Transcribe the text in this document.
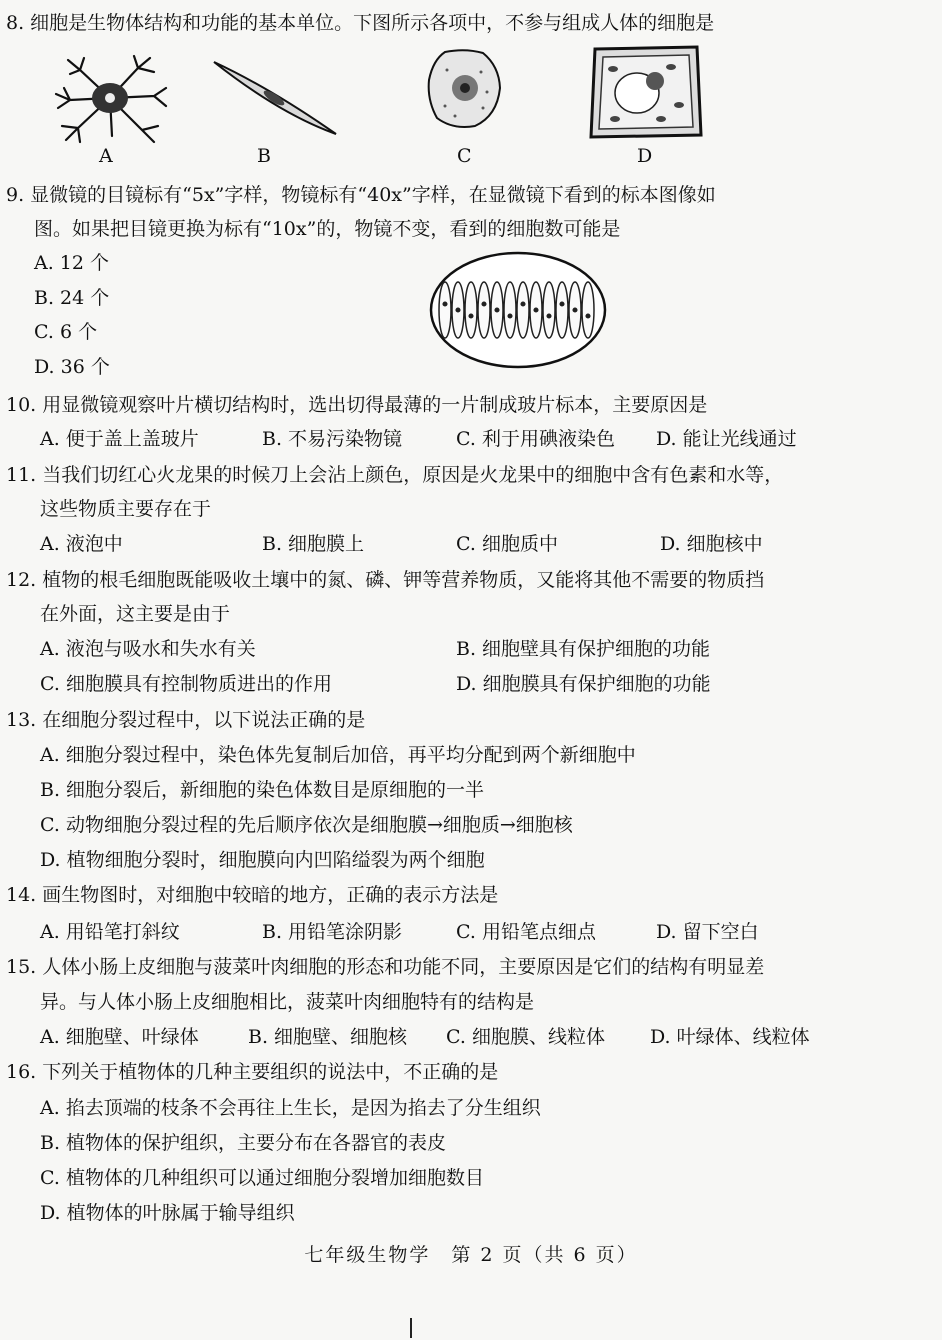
8. 细胞是生物体结构和功能的基本单位。下图所示各项中，不参与组成人体的细胞是
A	B	C	D
9. 显微镜的目镜标有“5x”字样，物镜标有“40x”字样，在显微镜下看到的标本图像如
图。如果把目镜更换为标有“10x”的，物镜不变，看到的细胞数可能是
A. 12 个
B. 24 个
C. 6 个
D. 36 个
10. 用显微镜观察叶片横切结构时，选出切得最薄的一片制成玻片标本，主要原因是
A. 便于盖上盖玻片	B. 不易污染物镜	C. 利于用碘液染色 D. 能让光线通过
11. 当我们切红心火龙果的时候刀上会沾上颜色，原因是火龙果中的细胞中含有色素和水等，
这些物质主要存在于
A. 液泡中	B. 细胞膜上	C. 细胞质中	D. 细胞核中
12. 植物的根毛细胞既能吸收土壤中的氮、磷、钾等营养物质，又能将其他不需要的物质挡
在外面，这主要是由于
A. 液泡与吸水和失水有关	B. 细胞壁具有保护细胞的功能
C. 细胞膜具有控制物质进出的作用	D. 细胞膜具有保护细胞的功能
13. 在细胞分裂过程中，以下说法正确的是
A. 细胞分裂过程中，染色体先复制后加倍，再平均分配到两个新细胞中
B. 细胞分裂后，新细胞的染色体数目是原细胞的一半
C. 动物细胞分裂过程的先后顺序依次是细胞膜→细胞质→细胞核
D. 植物细胞分裂时，细胞膜向内凹陷缢裂为两个细胞
14. 画生物图时，对细胞中较暗的地方，正确的表示方法是
A. 用铅笔打斜纹	B. 用铅笔涂阴影	C. 用铅笔点细点	D. 留下空白
15. 人体小肠上皮细胞与菠菜叶肉细胞的形态和功能不同，主要原因是它们的结构有明显差
异。与人体小肠上皮细胞相比，菠菜叶肉细胞特有的结构是
A. 细胞壁、叶绿体	B. 细胞壁、细胞核 C. 细胞膜、线粒体 D. 叶绿体、线粒体
16. 下列关于植物体的几种主要组织的说法中，不正确的是
A. 掐去顶端的枝条不会再往上生长，是因为掐去了分生组织
B. 植物体的保护组织，主要分布在各器官的表皮
C. 植物体的几种组织可以通过细胞分裂增加细胞数目
D. 植物体的叶脉属于输导组织
七年级生物学　第 2 页（共 6 页）
